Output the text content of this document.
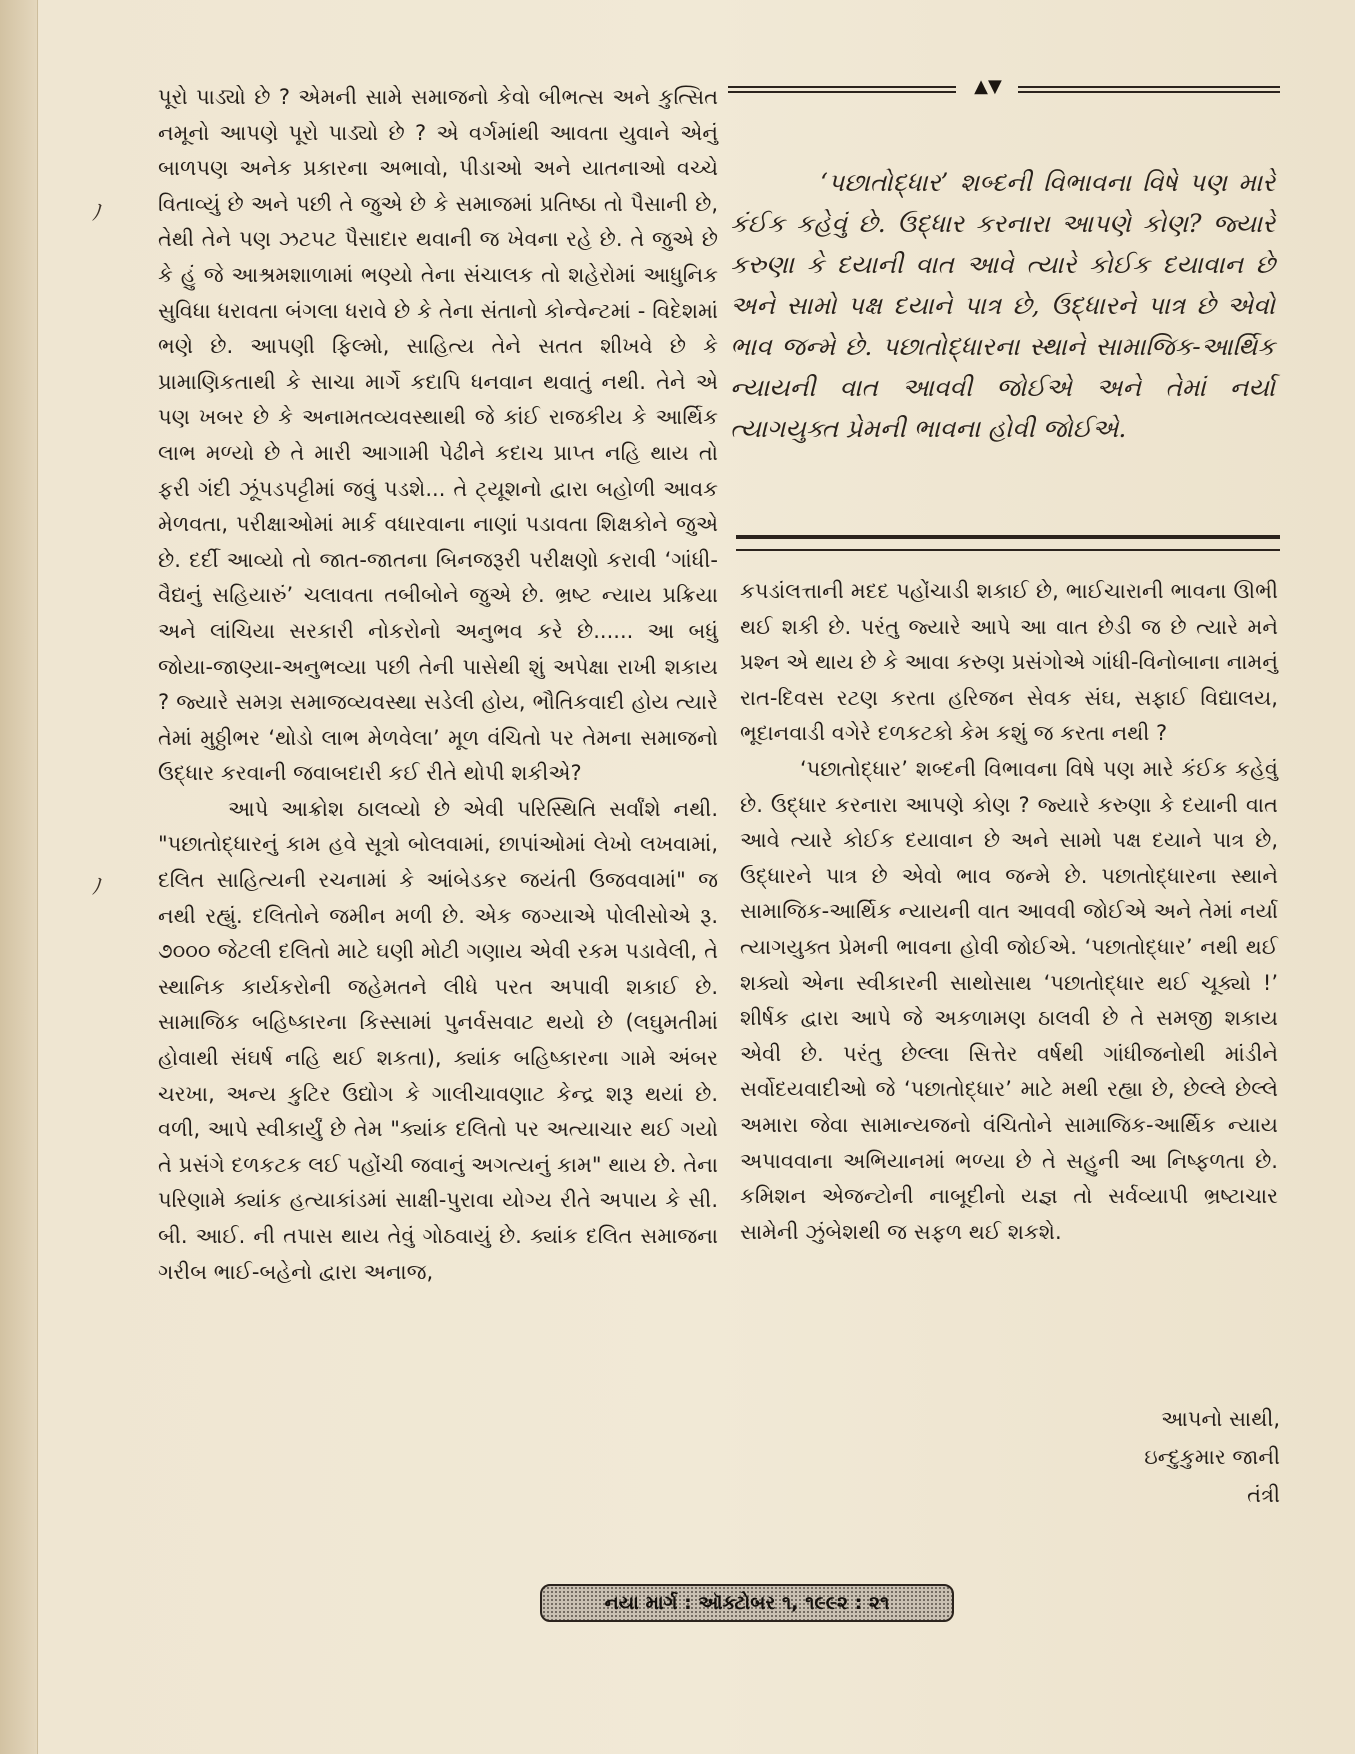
ﾉ
ﾉ

પૂરો પાડ્યો છે ? એમની સામે સમાજનો કેવો બીભત્સ અને કુત્સિત નમૂનો આપણે પૂરો પાડ્યો છે ? એ વર્ગમાંથી આવતા યુવાને એનું બાળપણ અનેક પ્રકારના અભાવો, પીડાઓ અને યાતનાઓ વચ્ચે વિતાવ્યું છે અને પછી તે જુએ છે કે સમાજમાં પ્રતિષ્ઠા તો પૈસાની છે, તેથી તેને પણ ઝટપટ પૈસાદાર થવાની જ ખેવના રહે છે. તે જુએ છે કે હું જે આશ્રમશાળામાં ભણ્યો તેના સંચાલક તો શહેરોમાં આધુનિક સુવિધા ધરાવતા બંગલા ધરાવે છે કે તેના સંતાનો કોન્વેન્ટમાં - વિદેશમાં ભણે છે. આપણી ફિલ્મો, સાહિત્ય તેને સતત શીખવે છે કે પ્રામાણિકતાથી કે સાચા માર્ગે કદાપિ ધનવાન થવાતું નથી. તેને એ પણ ખબર છે કે અનામતવ્યવસ્થાથી જે કાંઈ રાજકીય કે આર્થિક લાભ મળ્યો છે તે મારી આગામી પેઢીને કદાચ પ્રાપ્ત નહિ થાય તો ફરી ગંદી ઝૂંપડપટ્ટીમાં જવું પડશે... તે ટ્યૂશનો દ્વારા બહોળી આવક મેળવતા, પરીક્ષાઓમાં માર્ક વધારવાના નાણાં પડાવતા શિક્ષકોને જુએ છે. દર્દી આવ્યો તો જાત-જાતના બિનજરૂરી પરીક્ષણો કરાવી ‘ગાંધી-વૈદ્યનું સહિયારું’ ચલાવતા તબીબોને જુએ છે. ભ્રષ્ટ ન્યાય પ્રક્રિયા અને લાંચિયા સરકારી નોકરોનો અનુભવ કરે છે...... આ બધું જોયા-જાણ્યા-અનુભવ્યા પછી તેની પાસેથી શું અપેક્ષા રાખી શકાય ? જ્યારે સમગ્ર સમાજવ્યવસ્થા સડેલી હોય, ભૌતિકવાદી હોય ત્યારે તેમાં મુઠ્ઠીભર ‘થોડો લાભ મેળવેલા’ મૂળ વંચિતો પર તેમના સમાજનો ઉદ્ધાર કરવાની જવાબદારી કઈ રીતે થોપી શકીએ?

આપે આક્રોશ ઠાલવ્યો છે એવી પરિસ્થિતિ સર્વાંશે નથી. "પછાતોદ્ધારનું કામ હવે સૂત્રો બોલવામાં, છાપાંઓમાં લેખો લખવામાં, દલિત સાહિત્યની રચનામાં કે આંબેડકર જયંતી ઉજવવામાં" જ નથી રહ્યું. દલિતોને જમીન મળી છે. એક જગ્યાએ પોલીસોએ રૂ. ૭૦૦૦ જેટલી દલિતો માટે ઘણી મોટી ગણાય એવી રકમ પડાવેલી, તે સ્થાનિક કાર્યકરોની જહેમતને લીધે પરત અપાવી શકાઈ છે. સામાજિક બહિષ્કારના કિસ્સામાં પુનર્વસવાટ થયો છે (લઘુમતીમાં હોવાથી સંઘર્ષ નહિ થઈ શકતા), ક્યાંક બહિષ્કારના ગામે અંબર ચરખા, અન્ય કુટિર ઉદ્યોગ કે ગાલીચાવણાટ કેન્દ્ર શરૂ થયાં છે. વળી, આપે સ્વીકાર્યું છે તેમ "ક્યાંક દલિતો પર અત્યાચાર થઈ ગયો તે પ્રસંગે દળકટક લઈ પહોંચી જવાનું અગત્યનું કામ" થાય છે. તેના પરિણામે ક્યાંક હત્યાકાંડમાં સાક્ષી-પુરાવા યોગ્ય રીતે અપાય કે સી. બી. આઈ. ની તપાસ થાય તેવું ગોઠવાયું છે. ક્યાંક દલિત સમાજના ગરીબ ભાઈ-બહેનો દ્વારા અનાજ,

▲▼

‘પછાતોદ્ધાર’ શબ્દની વિભાવના વિષે પણ મારે કંઈક કહેવું છે. ઉદ્ધાર કરનારા આપણે કોણ? જ્યારે કરુણા કે દયાની વાત આવે ત્યારે કોઈક દયાવાન છે અને સામો પક્ષ દયાને પાત્ર છે, ઉદ્ધારને પાત્ર છે એવો ભાવ જન્મે છે. પછાતોદ્ધારના સ્થાને સામાજિક-આર્થિક ન્યાયની વાત આવવી જોઈએ અને તેમાં નર્યા ત્યાગયુક્ત પ્રેમની ભાવના હોવી જોઈએ.

કપડાંલત્તાની મદદ પહોંચાડી શકાઈ છે, ભાઈચારાની ભાવના ઊભી થઈ શકી છે. પરંતુ જ્યારે આપે આ વાત છેડી જ છે ત્યારે મને પ્રશ્ન એ થાય છે કે આવા કરુણ પ્રસંગોએ ગાંધી-વિનોબાના નામનું રાત-દિવસ રટણ કરતા હરિજન સેવક સંઘ, સફાઈ વિદ્યાલય, ભૂદાનવાડી વગેરે દળકટકો કેમ કશું જ કરતા નથી ?

‘પછાતોદ્ધાર’ શબ્દની વિભાવના વિષે પણ મારે કંઈક કહેવું છે. ઉદ્ધાર કરનારા આપણે કોણ ? જ્યારે કરુણા કે દયાની વાત આવે ત્યારે કોઈક દયાવાન છે અને સામો પક્ષ દયાને પાત્ર છે, ઉદ્ધારને પાત્ર છે એવો ભાવ જન્મે છે. પછાતોદ્ધારના સ્થાને સામાજિક-આર્થિક ન્યાયની વાત આવવી જોઈએ અને તેમાં નર્યા ત્યાગયુક્ત પ્રેમની ભાવના હોવી જોઈએ. ‘પછાતોદ્ધાર’ નથી થઈ શક્યો એના સ્વીકારની સાથોસાથ ‘પછાતોદ્ધાર થઈ ચૂક્યો !’ શીર્ષક દ્વારા આપે જે અકળામણ ઠાલવી છે તે સમજી શકાય એવી છે. પરંતુ છેલ્લા સિત્તેર વર્ષથી ગાંધીજનોથી માંડીને સર્વોદયવાદીઓ જે ‘પછાતોદ્ધાર’ માટે મથી રહ્યા છે, છેલ્લે છેલ્લે અમારા જેવા સામાન્યજનો વંચિતોને સામાજિક-આર્થિક ન્યાય અપાવવાના અભિયાનમાં ભળ્યા છે તે સહુની આ નિષ્ફળતા છે. કમિશન એજન્ટોની નાબૂદીનો યજ્ઞ તો સર્વવ્યાપી ભ્રષ્ટાચાર સામેની ઝુંબેશથી જ સફળ થઈ શકશે.

આપનો સાથી,
ઇન્દુકુમાર જાની
તંત્રી
નયા માર્ગ : ઑક્ટોબર ૧, ૧૯૯૨ : ૨૧
